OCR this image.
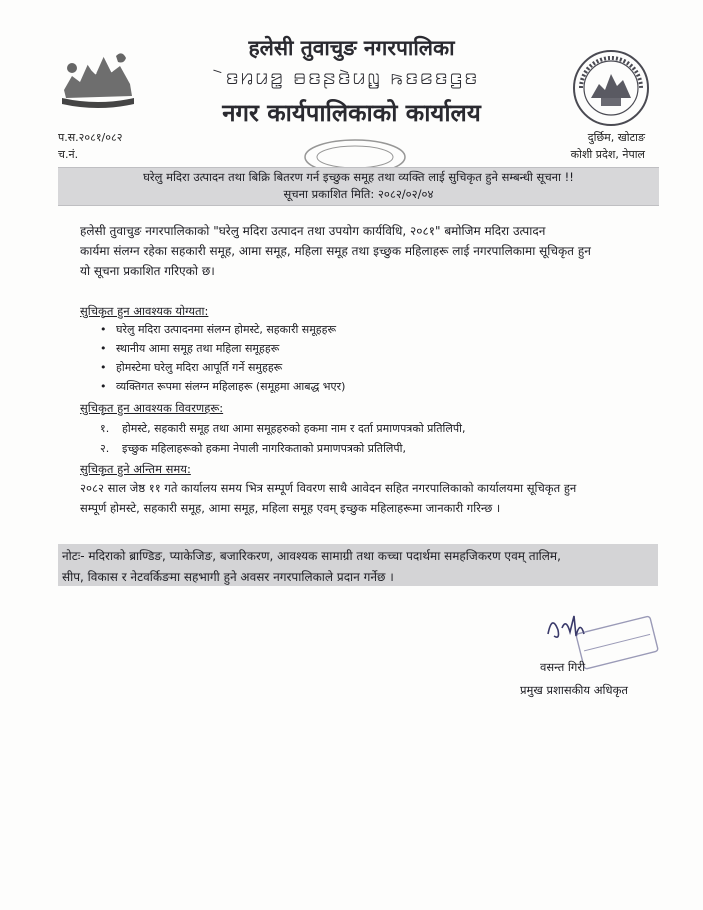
हलेसी तुवाचुङ नगरपालिका
ꤧꤢꤙꤣꤤ꤭ ꤋꤢꤔꤢꤧꤣꤜ꤬ ꤒꤢꤕꤢꤞꤢ
नगर कार्यपालिकाको कार्यालय
प.स.२०८१/०८२
च.नं.
दुर्छिम, खोटाङ
कोशी प्रदेश, नेपाल
घरेलु मदिरा उत्पादन तथा बिक्रि बितरण गर्न इच्छुक समूह तथा व्यक्ति लाई सुचिकृत हुने सम्बन्धी सूचना !!
सूचना प्रकाशित मिति: २०८२/०२/०४
हलेसी तुवाचुङ नगरपालिकाको "घरेलु मदिरा उत्पादन तथा उपयोग कार्यविधि, २०८१" बमोजिम मदिरा उत्पादन
कार्यमा संलग्न रहेका सहकारी समूह, आमा समूह, महिला समूह तथा इच्छुक महिलाहरू लाई नगरपालिकामा सूचिकृत हुन
यो सूचना प्रकाशित गरिएको छ।
सुचिकृत हुन आवश्यक योग्यता:
• घरेलु मदिरा उत्पादनमा संलग्न होमस्टे, सहकारी समूहहरू
• स्थानीय आमा समूह तथा महिला समूहहरू
• होमस्टेमा घरेलु मदिरा आपूर्ति गर्ने समुहहरू
• व्यक्तिगत रूपमा संलग्न महिलाहरू (समूहमा आबद्ध भएर)
सुचिकृत हुन आवश्यक विवरणहरू:
१. होमस्टे, सहकारी समूह तथा आमा समूहहरुको हकमा नाम र दर्ता प्रमाणपत्रको प्रतिलिपी,
२. इच्छुक महिलाहरूको हकमा नेपाली नागरिकताको प्रमाणपत्रको प्रतिलिपी,
सुचिकृत हुने अन्तिम समय:
२०८२ साल जेष्ठ ११ गते कार्यालय समय भित्र सम्पूर्ण विवरण साथै आवेदन सहित नगरपालिकाको कार्यालयमा सूचिकृत हुन
सम्पूर्ण होमस्टे, सहकारी समूह, आमा समूह, महिला समूह एवम् इच्छुक महिलाहरूमा जानकारी गरिन्छ ।
नोटः- मदिराको ब्राण्डिङ, प्याकेजिङ, बजारिकरण, आवश्यक सामाग्री तथा कच्चा पदार्थमा समहजिकरण एवम् तालिम,
सीप, विकास र नेटवर्किङमा सहभागी हुने अवसर नगरपालिकाले प्रदान गर्नेछ ।
वसन्त गिरी
प्रमुख प्रशासकीय अधिकृत
